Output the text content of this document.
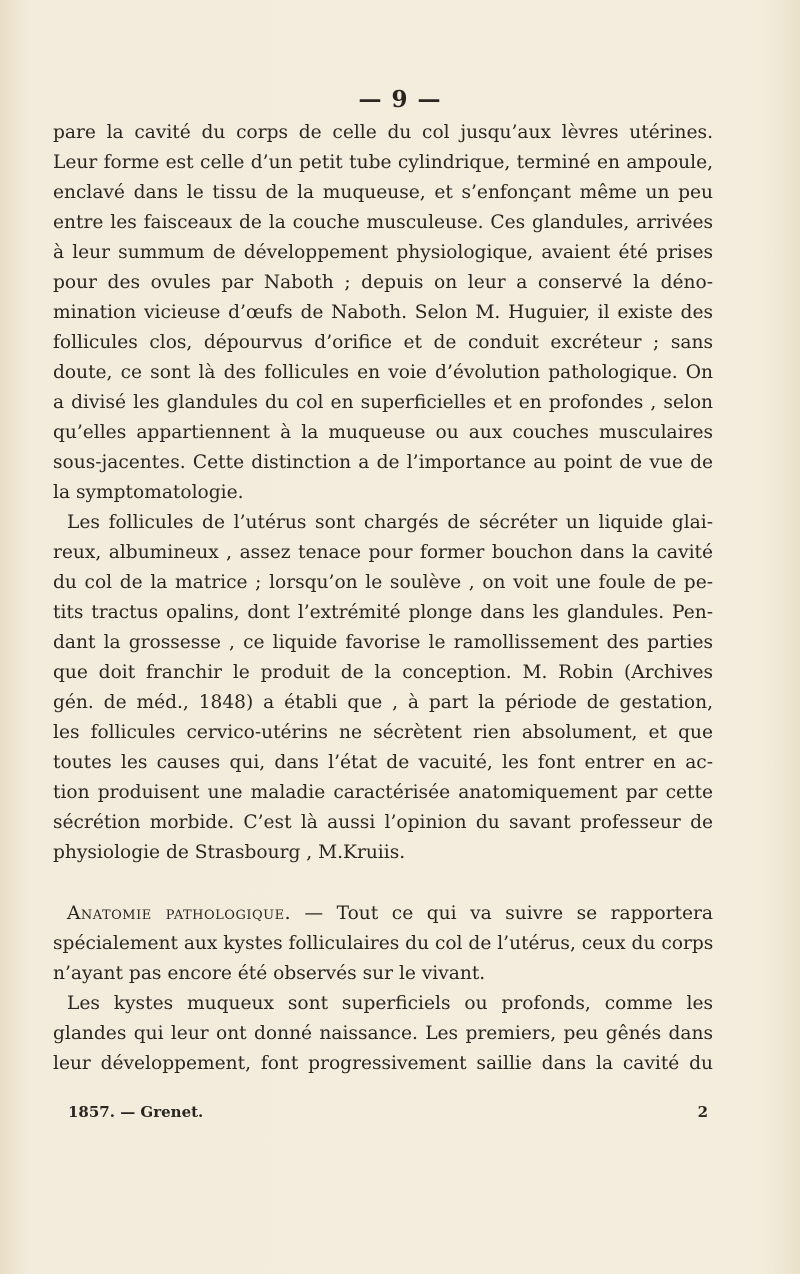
— 9 —

pare la cavité du corps de celle du col jusqu’aux lèvres utérines.
Leur forme est celle d’un petit tube cylindrique, terminé en ampoule,
enclavé dans le tissu de la muqueuse, et s’enfonçant même un peu
entre les faisceaux de la couche musculeuse. Ces glandules, arrivées
à leur summum de développement physiologique, avaient été prises
pour des ovules par Naboth ; depuis on leur a conservé la déno-
mination vicieuse d’œufs de Naboth. Selon M. Huguier, il existe des
follicules clos, dépourvus d’orifice et de conduit excréteur ; sans
doute, ce sont là des follicules en voie d’évolution pathologique. On
a divisé les glandules du col en superficielles et en profondes , selon
qu’elles appartiennent à la muqueuse ou aux couches musculaires
sous-jacentes. Cette distinction a de l’importance au point de vue de
la symptomatologie.

Les follicules de l’utérus sont chargés de sécréter un liquide glai-
reux, albumineux , assez tenace pour former bouchon dans la cavité
du col de la matrice ; lorsqu’on le soulève , on voit une foule de pe-
tits tractus opalins, dont l’extrémité plonge dans les glandules. Pen-
dant la grossesse , ce liquide favorise le ramollissement des parties
que doit franchir le produit de la conception. M. Robin (Archives
gén. de méd., 1848) a établi que , à part la période de gestation,
les follicules cervico-utérins ne sécrètent rien absolument, et que
toutes les causes qui, dans l’état de vacuité, les font entrer en ac-
tion produisent une maladie caractérisée anatomiquement par cette
sécrétion morbide. C’est là aussi l’opinion du savant professeur de
physiologie de Strasbourg , M.Kruiis.

Anatomie pathologique. — Tout ce qui va suivre se rapportera
spécialement aux kystes folliculaires du col de l’utérus, ceux du corps
n’ayant pas encore été observés sur le vivant.

Les kystes muqueux sont superficiels ou profonds, comme les
glandes qui leur ont donné naissance. Les premiers, peu gênés dans
leur développement, font progressivement saillie dans la cavité du

1857. — Grenet.	2
